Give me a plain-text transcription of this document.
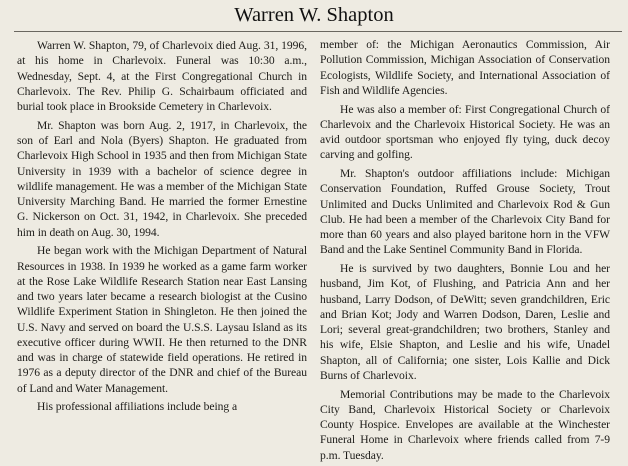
Warren W. Shapton

Warren W. Shapton, 79, of Charlevoix died Aug. 31, 1996, at his home in Charlevoix. Funeral was 10:30 a.m., Wednesday, Sept. 4, at the First Congregational Church in Charlevoix. The Rev. Philip G. Schairbaum officiated and burial took place in Brookside Cemetery in Charlevoix.

Mr. Shapton was born Aug. 2, 1917, in Charlevoix, the son of Earl and Nola (Byers) Shapton. He graduated from Charlevoix High School in 1935 and then from Michigan State University in 1939 with a bachelor of science degree in wildlife management. He was a member of the Michigan State University Marching Band. He married the former Ernestine G. Nickerson on Oct. 31, 1942, in Charlevoix. She preceded him in death on Aug. 30, 1994.

He began work with the Michigan Department of Natural Resources in 1938. In 1939 he worked as a game farm worker at the Rose Lake Wildlife Research Station near East Lansing and two years later became a research biologist at the Cusino Wildlife Experiment Station in Shingleton. He then joined the U.S. Navy and served on board the U.S.S. Laysau Island as its executive officer during WWII. He then returned to the DNR and was in charge of statewide field operations. He retired in 1976 as a deputy director of the DNR and chief of the Bureau of Land and Water Management.

His professional affiliations include being a

member of: the Michigan Aeronautics Commission, Air Pollution Commission, Michigan Association of Conservation Ecologists, Wildlife Society, and International Association of Fish and Wildlife Agencies.

He was also a member of: First Congregational Church of Charlevoix and the Charlevoix Historical Society. He was an avid outdoor sportsman who enjoyed fly tying, duck decoy carving and golfing.

Mr. Shapton's outdoor affiliations include: Michigan Conservation Foundation, Ruffed Grouse Society, Trout Unlimited and Ducks Unlimited and Charlevoix Rod & Gun Club. He had been a member of the Charlevoix City Band for more than 60 years and also played baritone horn in the VFW Band and the Lake Sentinel Community Band in Florida.

He is survived by two daughters, Bonnie Lou and her husband, Jim Kot, of Flushing, and Patricia Ann and her husband, Larry Dodson, of DeWitt; seven grandchildren, Eric and Brian Kot; Jody and Warren Dodson, Daren, Leslie and Lori; several great-grandchildren; two brothers, Stanley and his wife, Elsie Shapton, and Leslie and his wife, Unadel Shapton, all of California; one sister, Lois Kallie and Dick Burns of Charlevoix.

Memorial Contributions may be made to the Charlevoix City Band, Charlevoix Historical Society or Charlevoix County Hospice. Envelopes are available at the Winchester Funeral Home in Charlevoix where friends called from 7-9 p.m. Tuesday.
